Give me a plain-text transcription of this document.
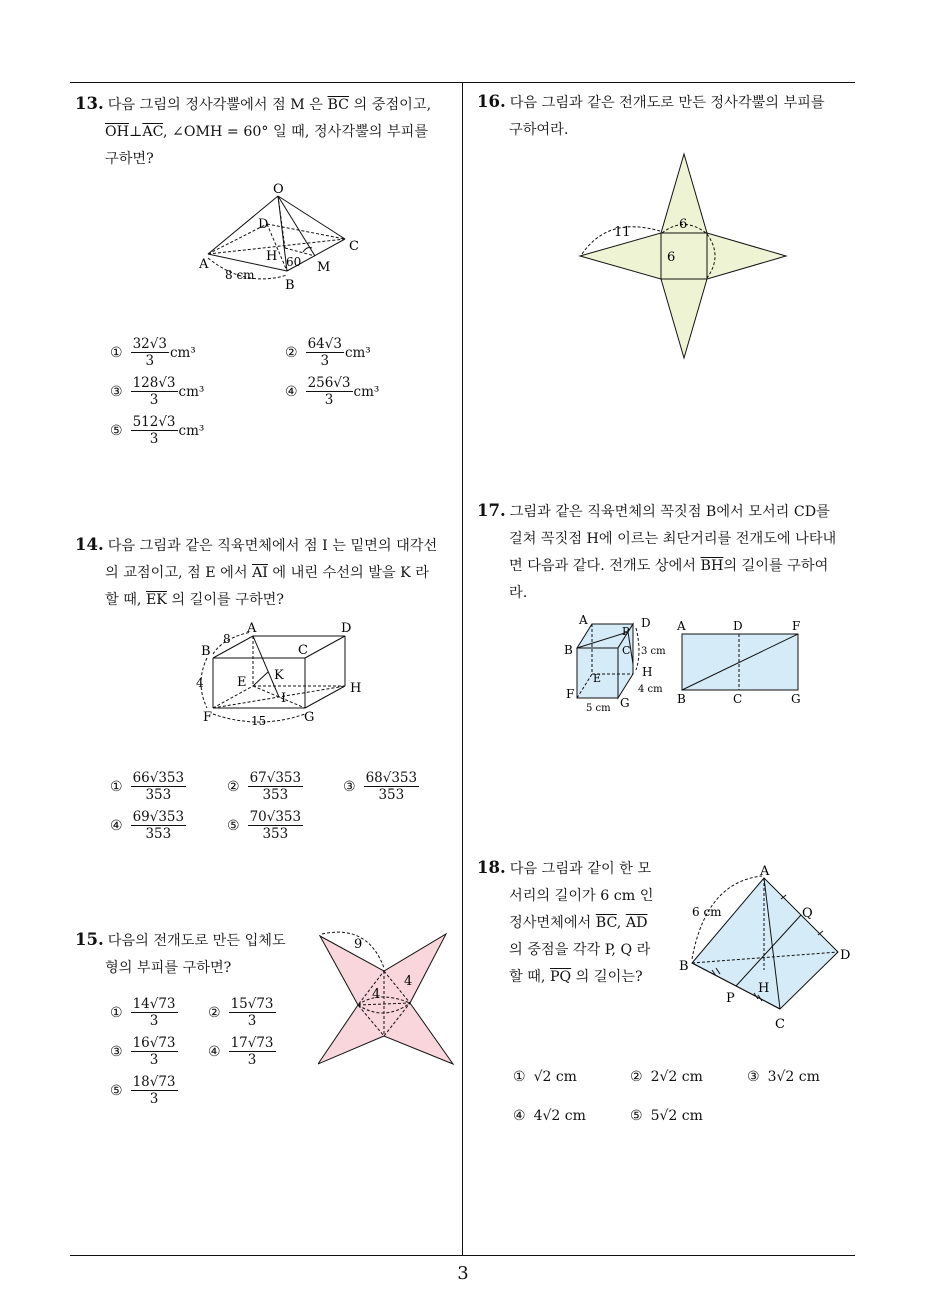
3
13. 다음 그림의 정사각뿔에서 점 M 은 $\overline{BC}$ 의 중점이고,
$\overline{OH}\perp\overline{AC}$, ∠OMH = 60° 일 때, 정사각뿔의 부피를
구하면?
O
D
C
A
H 60 M
B
8 cm
① $\frac{32√3}{3} cm^3$	② $\frac{64√3}{3} cm^3$
③ $\frac{128√3}{3} cm^3$	④ $\frac{256√3}{3} cm^3$
⑤ $\frac{512√3}{3} cm^3$
14. 다음 그림과 같은 직육면체에서 점 I 는 밑면의 대각선
의 교점이고, 점 E 에서 $\overline{AI}$ 에 내린 수선의 발을 K 라
할 때, $\overline{EK}$ 의 길이를 구하면?
A	D
B	C
E K
I
H
F	G
8
4
15
① $\frac{66√353}{353}$	② $\frac{67√353}{353}$	③ $\frac{68√353}{353}$
④ $\frac{69√353}{353}$	⑤ $\frac{70√353}{353}$
15. 다음의 전개도로 만든 입체도
형의 부피를 구하면?
9
4
4
① $\frac{14√73}{3}$ ② $\frac{15√73}{3}$
③ $\frac{16√73}{3}$ ④ $\frac{17√73}{3}$
⑤ $\frac{18√73}{3}$
16. 다음 그림과 같은 전개도로 만든 정사각뿔의 부피를
구하여라.
11
6
6
17. 그림과 같은 직육면체의 꼭짓점 B에서 모서리 CD를
걸쳐 꼭짓점 H에 이르는 최단거리를 전개도에 나타내
면 다음과 같다. 전개도 상에서 $\overline{BH}$의 길이를 구하여
라.
A	D
P
B	C
E	H
F
G
3 cm
4 cm
5 cm
A	D	F
B	C	G
18. 다음 그림과 같이 한 모
서리의 길이가 6 cm 인
정사면체에서 $\overline{BC}$, $\overline{AD}$
의 중점을 각각 P, Q 라
할 때, $\overline{PQ}$ 의 길이는?
A
B
C
D
P
Q
H
6 cm
① √2 cm	② 2√2 cm	③ 3√2 cm
④ 4√2 cm	⑤ 5√2 cm
